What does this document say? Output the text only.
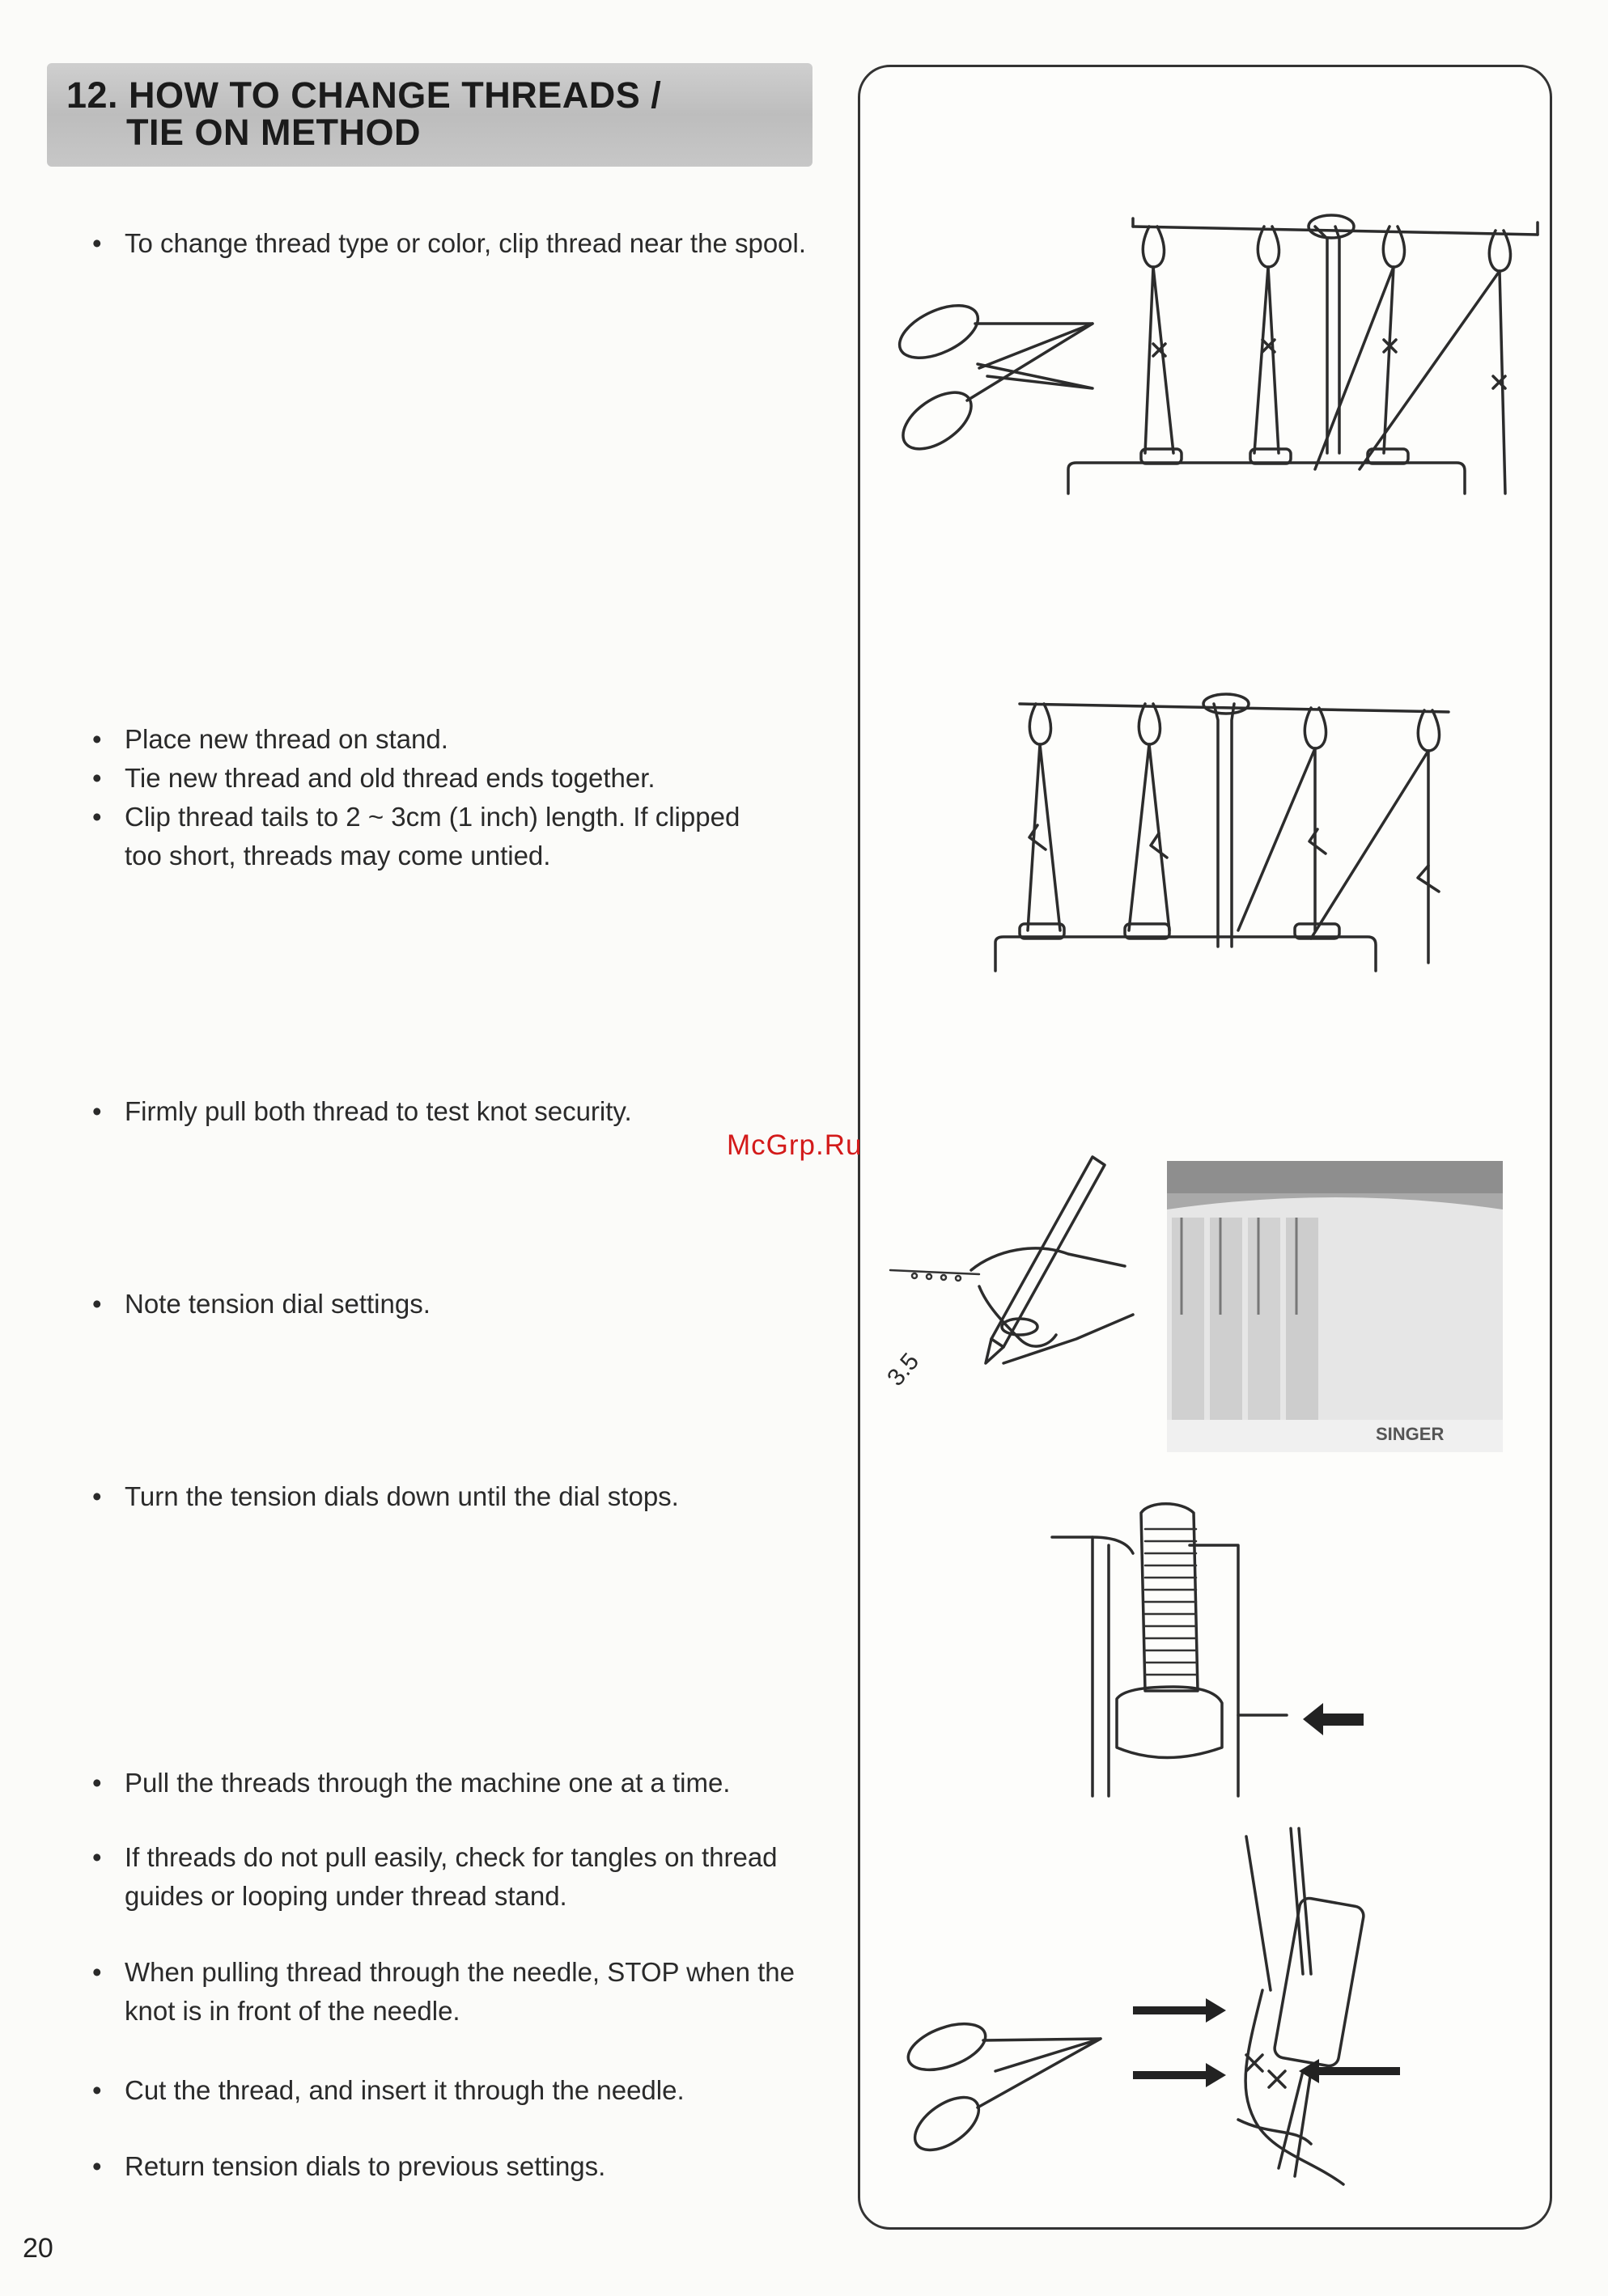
12. HOW TO CHANGE THREADS /
TIE ON METHOD
• To change thread type or color, clip thread near the spool.
• Place new thread on stand.
• Tie new thread and old thread ends together.
• Clip thread tails to 2 ~ 3cm (1 inch) length. If clipped too short, threads may come untied.
• Firmly pull both thread to test knot security.
• Note tension dial settings.
• Turn the tension dials down until the dial stops.
• Pull the threads through the machine one at a time.
• If threads do not pull easily, check for tangles on thread guides or looping under thread stand.
• When pulling thread through the needle, STOP when the knot is in front of the needle.
• Cut the thread, and insert it through the needle.
• Return tension dials to previous settings.
3.5
SINGER
McGrp.Ru
20
